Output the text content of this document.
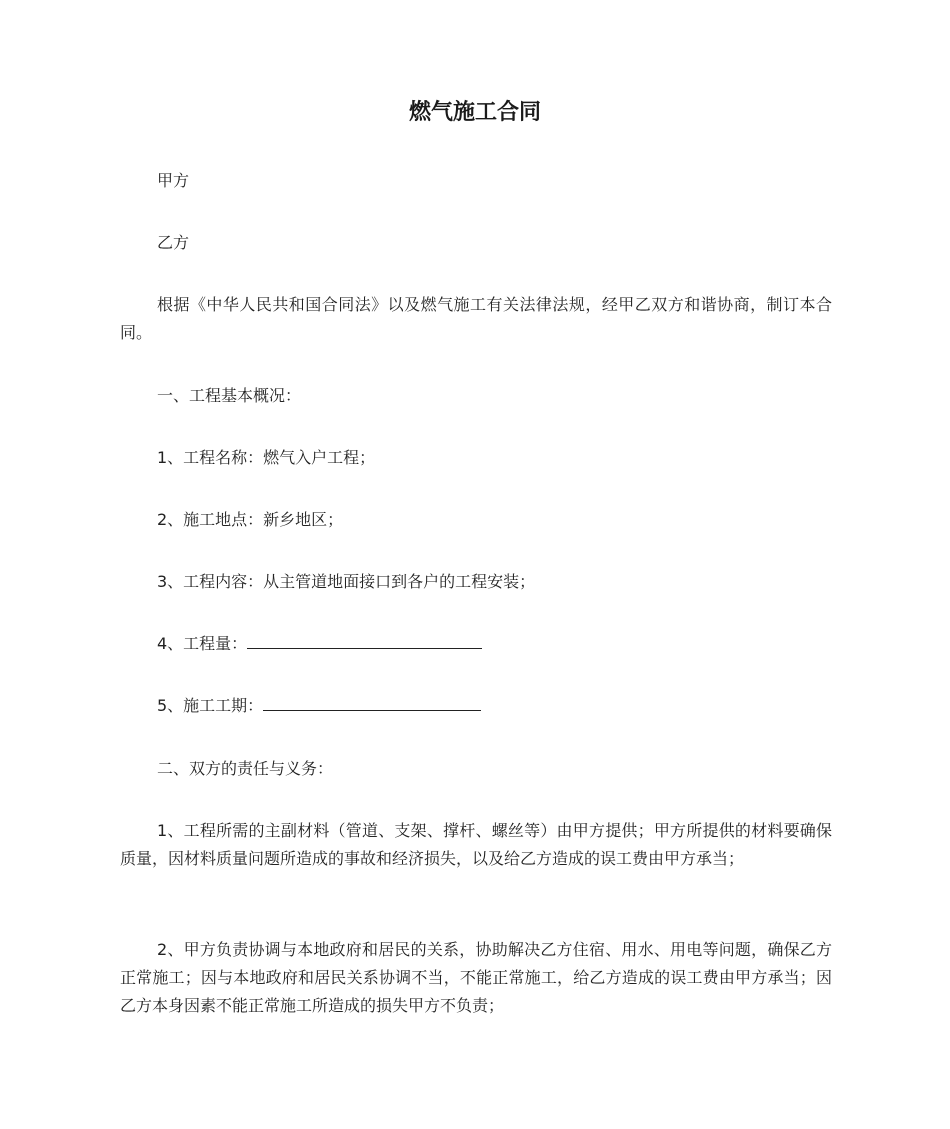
燃气施工合同
甲方
乙方
根据《中华人民共和国合同法》以及燃气施工有关法律法规，经甲乙双方和谐协商，制订本合同。
一、工程基本概况：
1、工程名称：燃气入户工程；
2、施工地点：新乡地区；
3、工程内容：从主管道地面接口到各户的工程安装；
4、工程量：
5、施工工期：
二、双方的责任与义务：
1、工程所需的主副材料（管道、支架、撑杆、螺丝等）由甲方提供；甲方所提供的材料要确保质量，因材料质量问题所造成的事故和经济损失，以及给乙方造成的误工费由甲方承当；
2、甲方负责协调与本地政府和居民的关系，协助解决乙方住宿、用水、用电等问题，确保乙方正常施工；因与本地政府和居民关系协调不当，不能正常施工，给乙方造成的误工费由甲方承当；因乙方本身因素不能正常施工所造成的损失甲方不负责；
